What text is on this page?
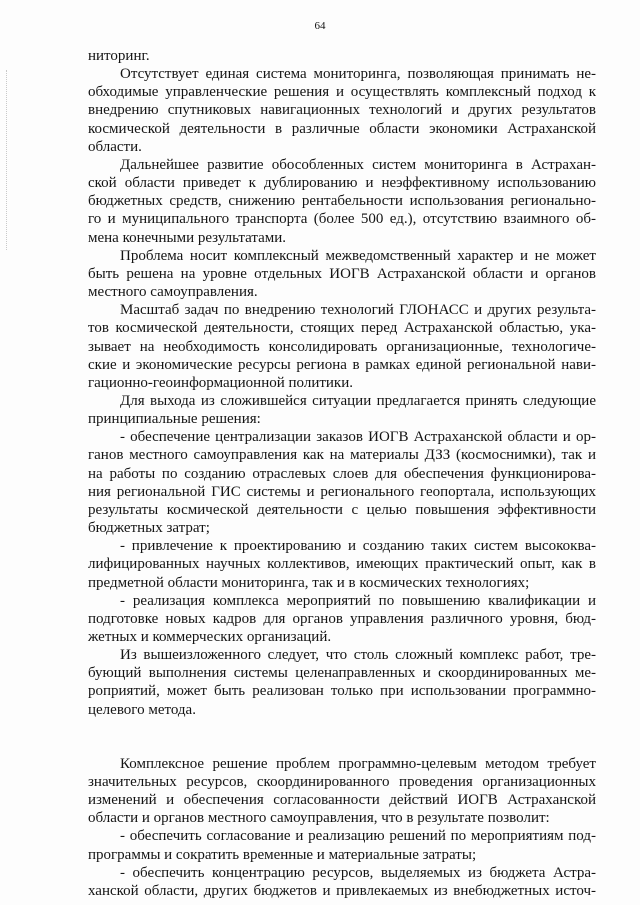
64

ниторинг.

Отсутствует единая система мониторинга, позволяющая принимать не-

обходимые управленческие решения и осуществлять комплексный подход к

внедрению спутниковых навигационных технологий и других результатов

космической деятельности в различные области экономики Астраханской

области.

Дальнейшее развитие обособленных систем мониторинга в Астрахан-

ской области приведет к дублированию и неэффективному использованию

бюджетных средств, снижению рентабельности использования регионально-

го и муниципального транспорта (более 500 ед.), отсутствию взаимного об-

мена конечными результатами.

Проблема носит комплексный межведомственный характер и не может

быть решена на уровне отдельных ИОГВ Астраханской области и органов

местного самоуправления.

Масштаб задач по внедрению технологий ГЛОНАСС и других результа-

тов космической деятельности, стоящих перед Астраханской областью, ука-

зывает на необходимость консолидировать организационные, технологиче-

ские и экономические ресурсы региона в рамках единой региональной нави-

гационно-геоинформационной политики.

Для выхода из сложившейся ситуации предлагается принять следующие

принципиальные решения:

- обеспечение централизации заказов ИОГВ Астраханской области и ор-

ганов местного самоуправления как на материалы ДЗЗ (космоснимки), так и

на работы по созданию отраслевых слоев для обеспечения функционирова-

ния региональной ГИС системы и регионального геопортала, использующих

результаты космической деятельности с целью повышения эффективности

бюджетных затрат;

- привлечение к проектированию и созданию таких систем высококва-

лифицированных научных коллективов, имеющих практический опыт, как в

предметной области мониторинга, так и в космических технологиях;

- реализация комплекса мероприятий по повышению квалификации и

подготовке новых кадров для органов управления различного уровня, бюд-

жетных и коммерческих организаций.

Из вышеизложенного следует, что столь сложный комплекс работ, тре-

бующий выполнения системы целенаправленных и скоординированных ме-

роприятий, может быть реализован только при использовании программно-

целевого метода.

Комплексное решение проблем программно-целевым методом требует

значительных ресурсов, скоординированного проведения организационных

изменений и обеспечения согласованности действий ИОГВ Астраханской

области и органов местного самоуправления, что в результате позволит:

- обеспечить согласование и реализацию решений по мероприятиям под-

программы и сократить временные и материальные затраты;

- обеспечить концентрацию ресурсов, выделяемых из бюджета Астра-

ханской области, других бюджетов и привлекаемых из внебюджетных источ-
